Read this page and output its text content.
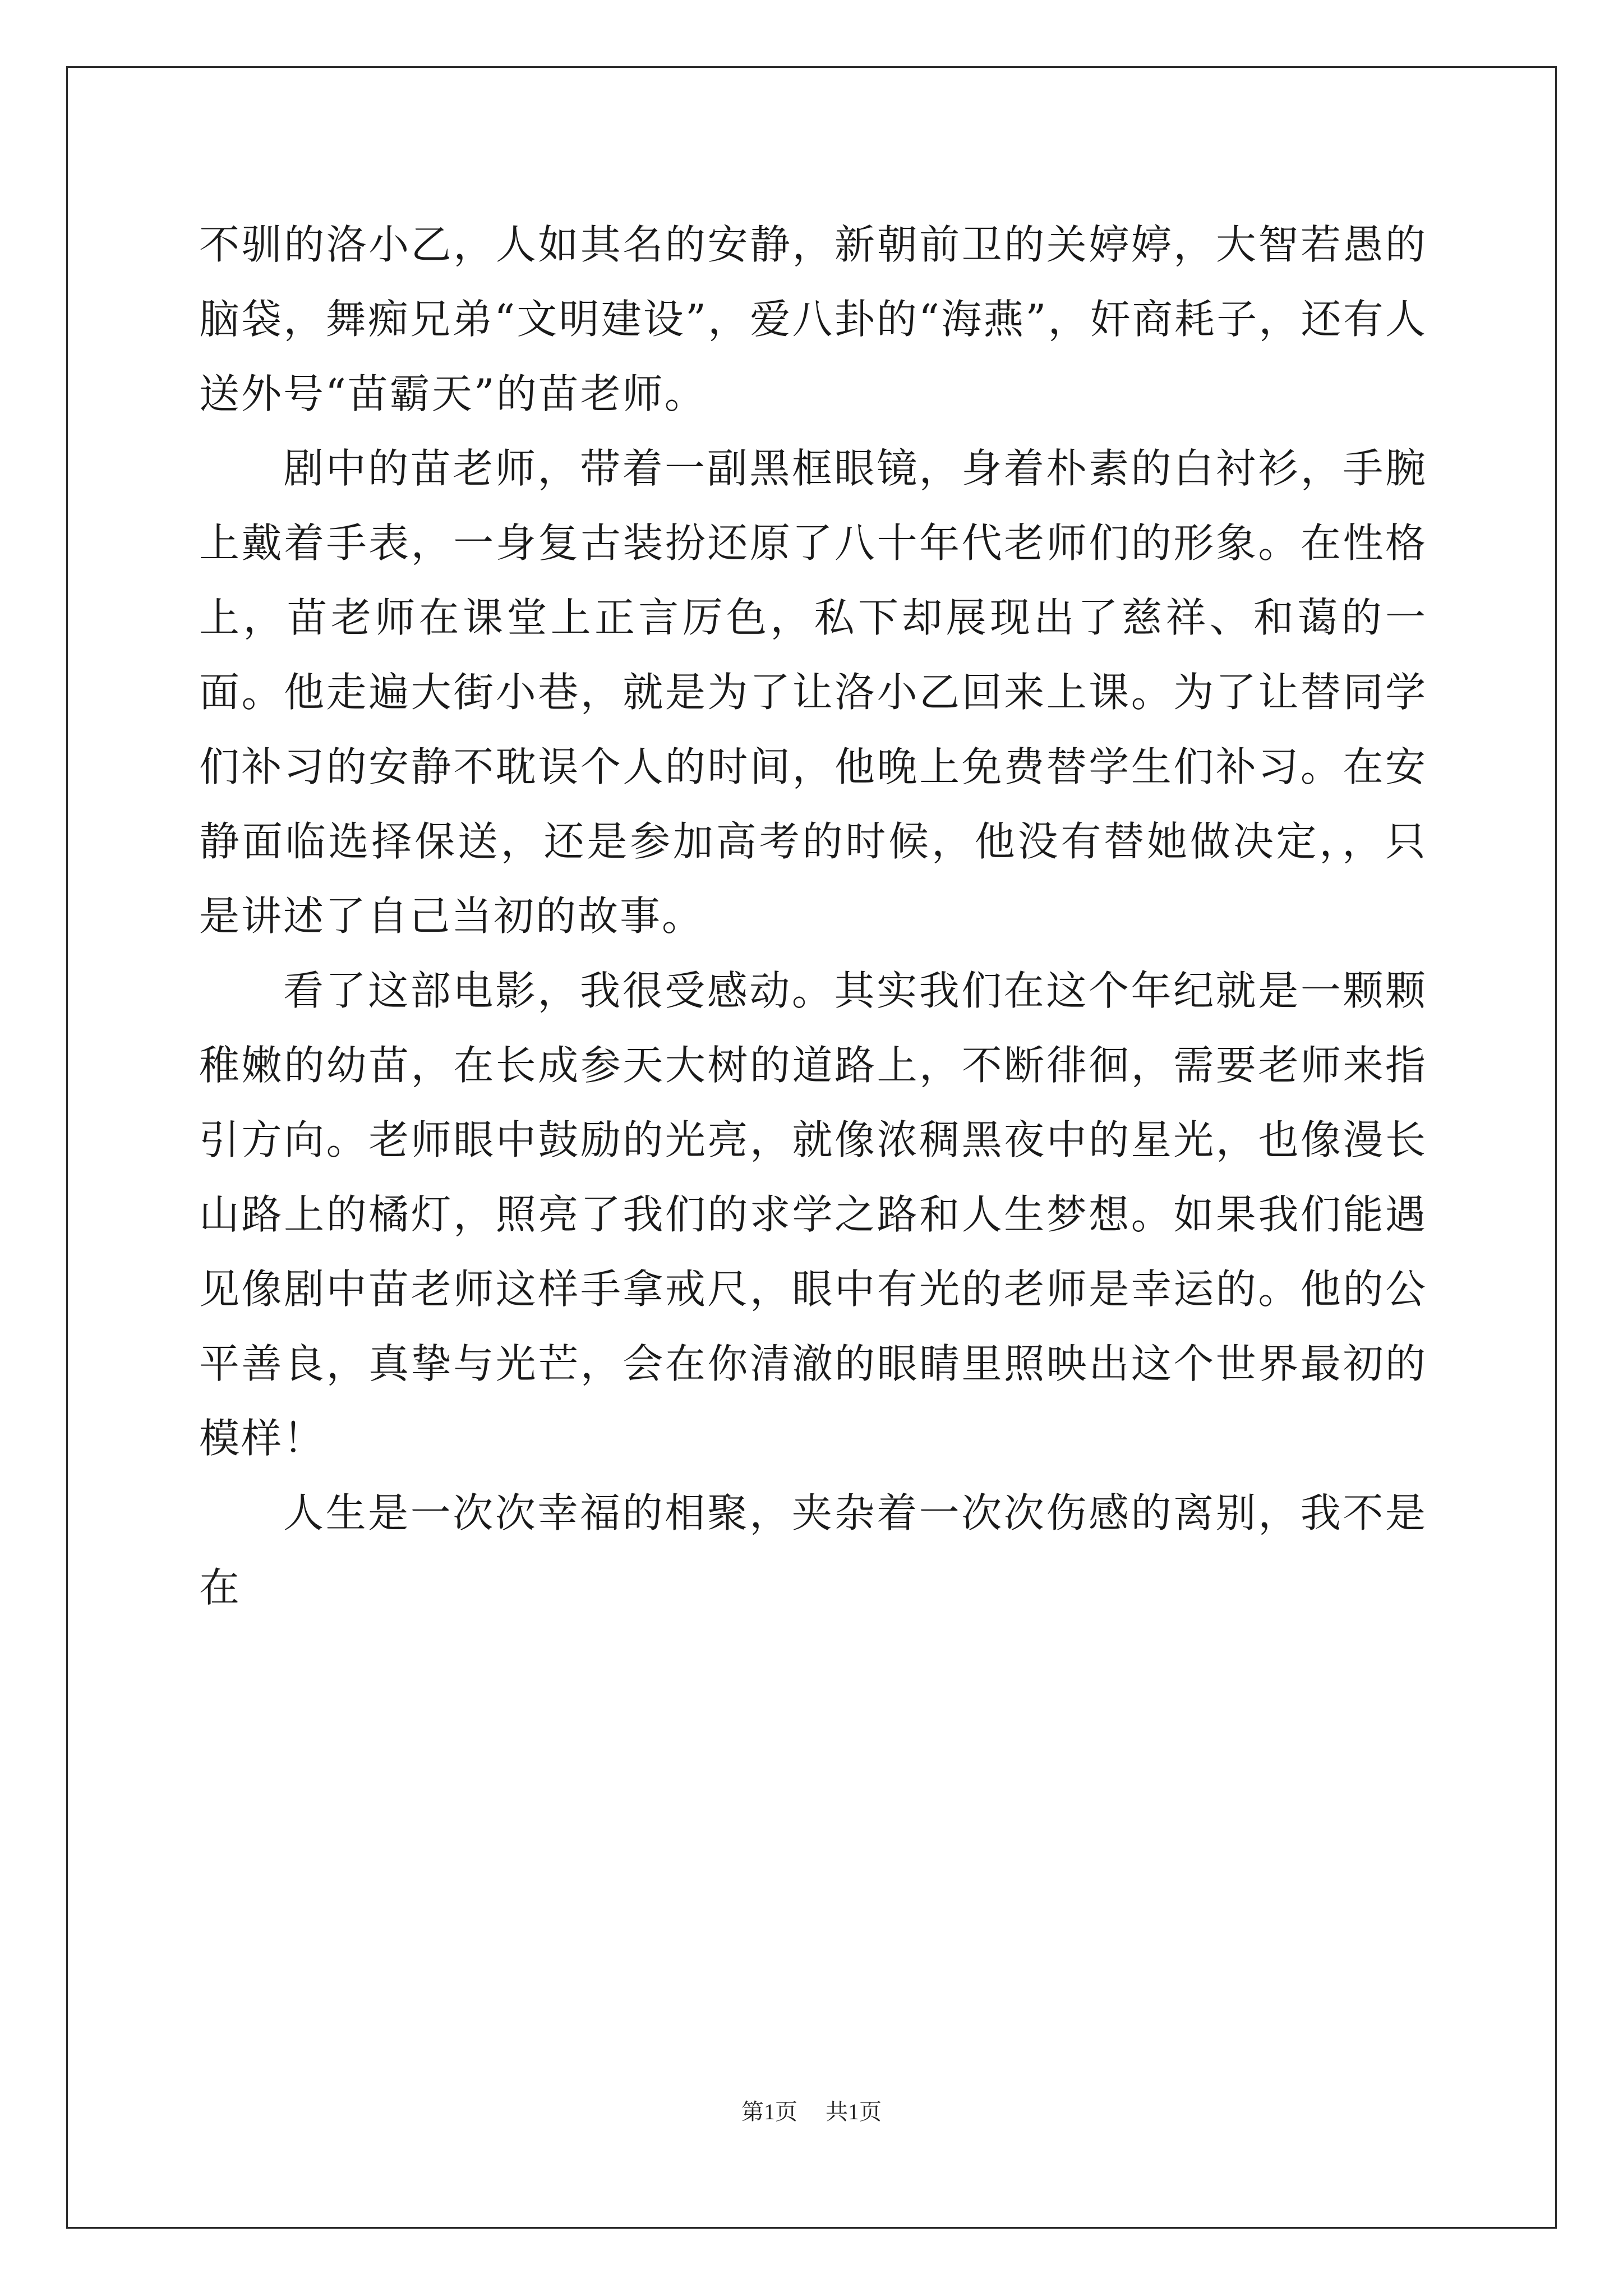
不驯的洛小乙，人如其名的安静，新朝前卫的关婷婷，大智若愚的脑袋，舞痴兄弟“文明建设”，爱八卦的“海燕”，奸商耗子，还有人送外号“苗霸天”的苗老师。

剧中的苗老师，带着一副黑框眼镜，身着朴素的白衬衫，手腕上戴着手表，一身复古装扮还原了八十年代老师们的形象。在性格上，苗老师在课堂上正言厉色，私下却展现出了慈祥、和蔼的一面。他走遍大街小巷，就是为了让洛小乙回来上课。为了让替同学们补习的安静不耽误个人的时间，他晚上免费替学生们补习。在安静面临选择保送，还是参加高考的时候，他没有替她做决定，，只是讲述了自己当初的故事。

看了这部电影，我很受感动。其实我们在这个年纪就是一颗颗稚嫩的幼苗，在长成参天大树的道路上，不断徘徊，需要老师来指引方向。老师眼中鼓励的光亮，就像浓稠黑夜中的星光，也像漫长山路上的橘灯，照亮了我们的求学之路和人生梦想。如果我们能遇见像剧中苗老师这样手拿戒尺，眼中有光的老师是幸运的。他的公平善良，真挚与光芒，会在你清澈的眼睛里照映出这个世界最初的模样！

人生是一次次幸福的相聚，夹杂着一次次伤感的离别，我不是在

第1页 共1页
